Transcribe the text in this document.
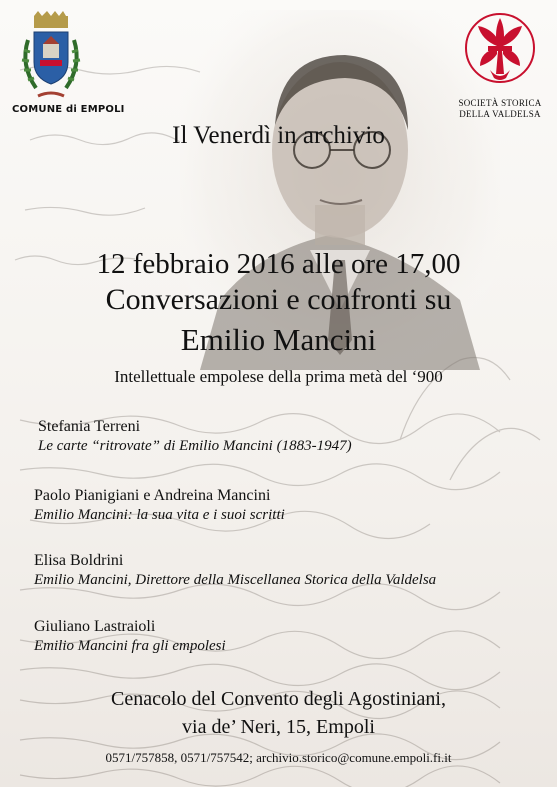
COMUNE di EMPOLI
SOCIETÀ STORICA
DELLA VALDELSA
Il Venerdì in archivio
12 febbraio 2016 alle ore 17,00
Conversazioni e confronti su
Emilio Mancini
Intellettuale empolese della prima metà del ‘900
Stefania Terreni
Le carte “ritrovate” di Emilio Mancini (1883-1947)
Paolo Pianigiani e Andreina Mancini
Emilio Mancini: la sua vita e i suoi scritti
Elisa Boldrini
Emilio Mancini, Direttore della Miscellanea Storica della Valdelsa
Giuliano Lastraioli
Emilio Mancini fra gli empolesi
Cenacolo del Convento degli Agostiniani,
via de’ Neri, 15, Empoli
0571/757858, 0571/757542; archivio.storico@comune.empoli.fi.it
